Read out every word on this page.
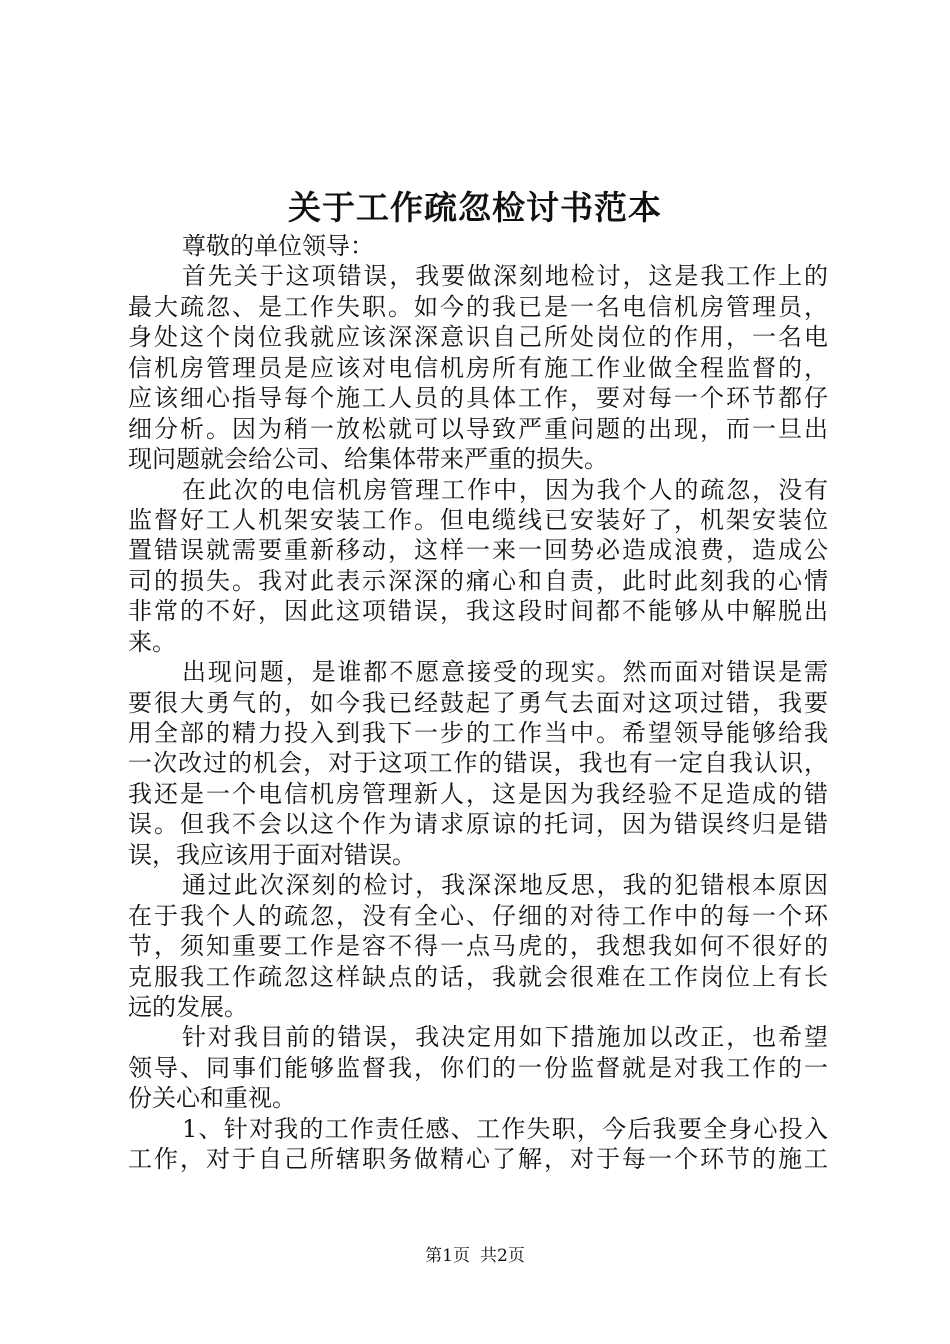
关于工作疏忽检讨书范本
尊敬的单位领导：
首先关于这项错误，我要做深刻地检讨，这是我工作上的
最大疏忽、是工作失职。如今的我已是一名电信机房管理员，
身处这个岗位我就应该深深意识自己所处岗位的作用，一名电
信机房管理员是应该对电信机房所有施工作业做全程监督的，
应该细心指导每个施工人员的具体工作，要对每一个环节都仔
细分析。因为稍一放松就可以导致严重问题的出现，而一旦出
现问题就会给公司、给集体带来严重的损失。
在此次的电信机房管理工作中，因为我个人的疏忽，没有
监督好工人机架安装工作。但电缆线已安装好了，机架安装位
置错误就需要重新移动，这样一来一回势必造成浪费，造成公
司的损失。我对此表示深深的痛心和自责，此时此刻我的心情
非常的不好，因此这项错误，我这段时间都不能够从中解脱出
来。
出现问题，是谁都不愿意接受的现实。然而面对错误是需
要很大勇气的，如今我已经鼓起了勇气去面对这项过错，我要
用全部的精力投入到我下一步的工作当中。希望领导能够给我
一次改过的机会，对于这项工作的错误，我也有一定自我认识，
我还是一个电信机房管理新人，这是因为我经验不足造成的错
误。但我不会以这个作为请求原谅的托词，因为错误终归是错
误，我应该用于面对错误。
通过此次深刻的检讨，我深深地反思，我的犯错根本原因
在于我个人的疏忽，没有全心、仔细的对待工作中的每一个环
节，须知重要工作是容不得一点马虎的，我想我如何不很好的
克服我工作疏忽这样缺点的话，我就会很难在工作岗位上有长
远的发展。
针对我目前的错误，我决定用如下措施加以改正，也希望
领导、同事们能够监督我，你们的一份监督就是对我工作的一
份关心和重视。
1、针对我的工作责任感、工作失职，今后我要全身心投入
工作，对于自己所辖职务做精心了解，对于每一个环节的施工
第1页 共2页
